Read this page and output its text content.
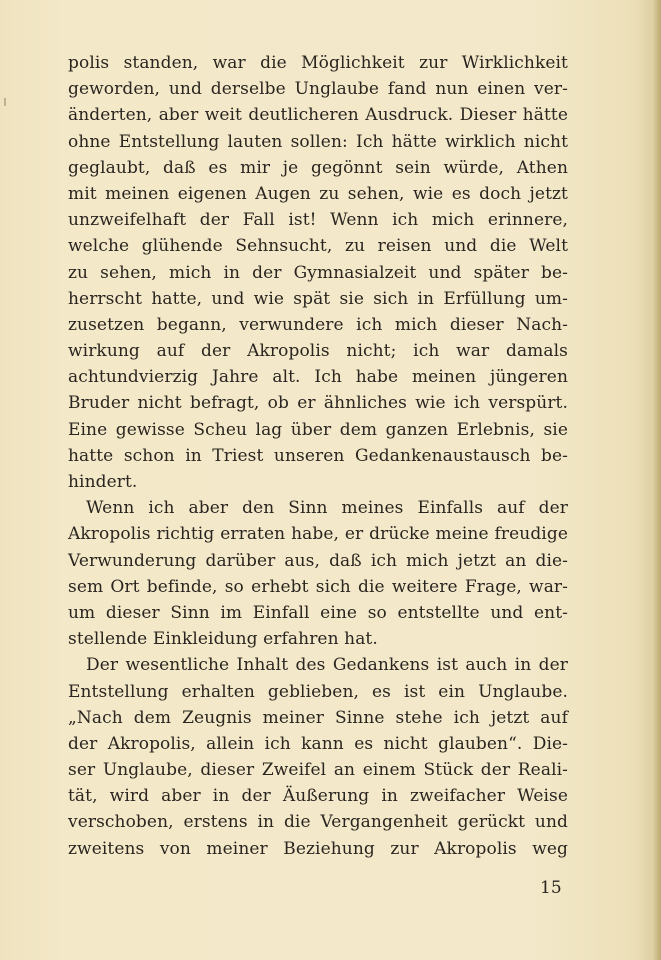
polis standen, war die Möglichkeit zur Wirklichkeit
geworden, und derselbe Unglaube fand nun einen ver-
änderten, aber weit deutlicheren Ausdruck. Dieser hätte
ohne Entstellung lauten sollen: Ich hätte wirklich nicht
geglaubt, daß es mir je gegönnt sein würde, Athen
mit meinen eigenen Augen zu sehen, wie es doch jetzt
unzweifelhaft der Fall ist! Wenn ich mich erinnere,
welche glühende Sehnsucht, zu reisen und die Welt
zu sehen, mich in der Gymnasialzeit und später be-
herrscht hatte, und wie spät sie sich in Erfüllung um-
zusetzen begann, verwundere ich mich dieser Nach-
wirkung auf der Akropolis nicht; ich war damals
achtundvierzig Jahre alt. Ich habe meinen jüngeren
Bruder nicht befragt, ob er ähnliches wie ich verspürt.
Eine gewisse Scheu lag über dem ganzen Erlebnis, sie
hatte schon in Triest unseren Gedankenaustausch be-
hindert.
Wenn ich aber den Sinn meines Einfalls auf der
Akropolis richtig erraten habe, er drücke meine freudige
Verwunderung darüber aus, daß ich mich jetzt an die-
sem Ort befinde, so erhebt sich die weitere Frage, war-
um dieser Sinn im Einfall eine so entstellte und ent-
stellende Einkleidung erfahren hat.
Der wesentliche Inhalt des Gedankens ist auch in der
Entstellung erhalten geblieben, es ist ein Unglaube.
„Nach dem Zeugnis meiner Sinne stehe ich jetzt auf
der Akropolis, allein ich kann es nicht glauben“. Die-
ser Unglaube, dieser Zweifel an einem Stück der Reali-
tät, wird aber in der Äußerung in zweifacher Weise
verschoben, erstens in die Vergangenheit gerückt und
zweitens von meiner Beziehung zur Akropolis weg
15
